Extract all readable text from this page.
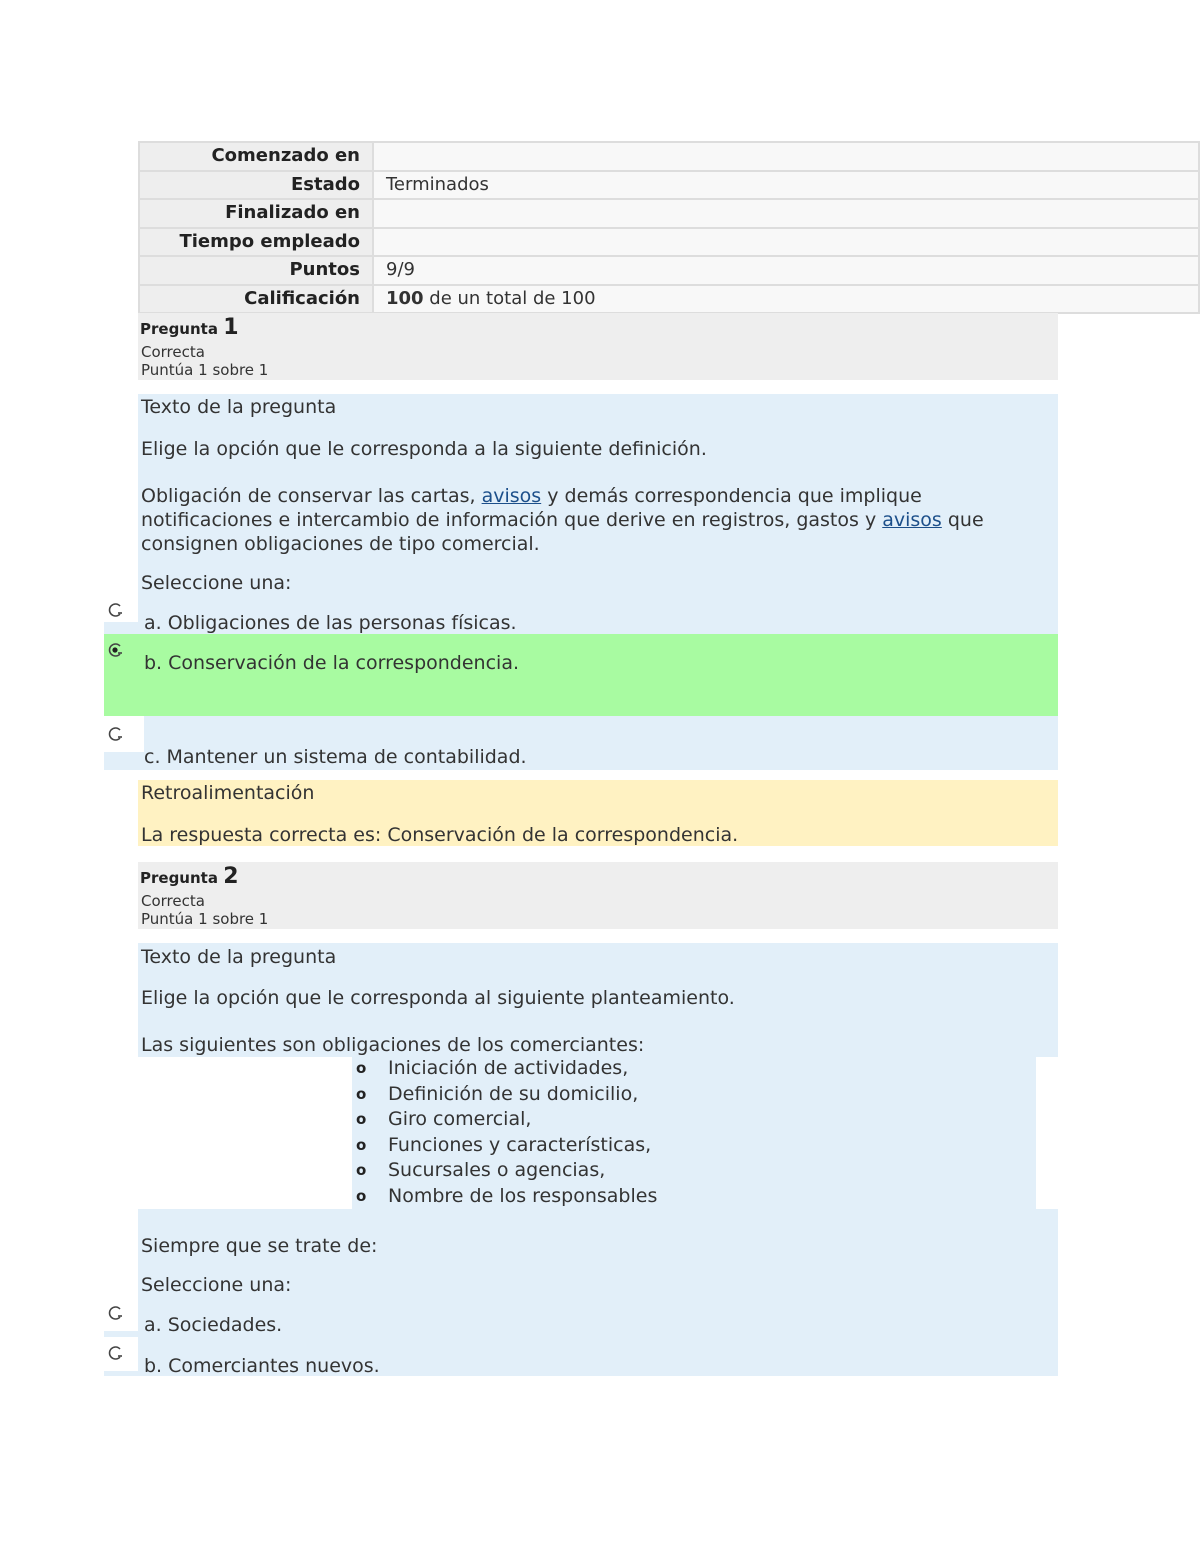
Comenzado en	
Estado	Terminados
Finalizado en	
Tiempo empleado	
Puntos	9/9
Calificación	100 de un total de 100
Pregunta 1
Correcta
Puntúa 1 sobre 1
Texto de la pregunta
Elige la opción que le corresponda a la siguiente definición.
Obligación de conservar las cartas, avisos y demás correspondencia que implique notificaciones e intercambio de información que derive en registros, gastos y avisos que consignen obligaciones de tipo comercial.
Seleccione una:
a. Obligaciones de las personas físicas.
b. Conservación de la correspondencia.
c. Mantener un sistema de contabilidad.
Retroalimentación
La respuesta correcta es: Conservación de la correspondencia.
Pregunta 2
Correcta
Puntúa 1 sobre 1
Texto de la pregunta
Elige la opción que le corresponda al siguiente planteamiento.
Las siguientes son obligaciones de los comerciantes:
o Iniciación de actividades,
o Definición de su domicilio,
o Giro comercial,
o Funciones y características,
o Sucursales o agencias,
o Nombre de los responsables
Siempre que se trate de:
Seleccione una:
a. Sociedades.
b. Comerciantes nuevos.
